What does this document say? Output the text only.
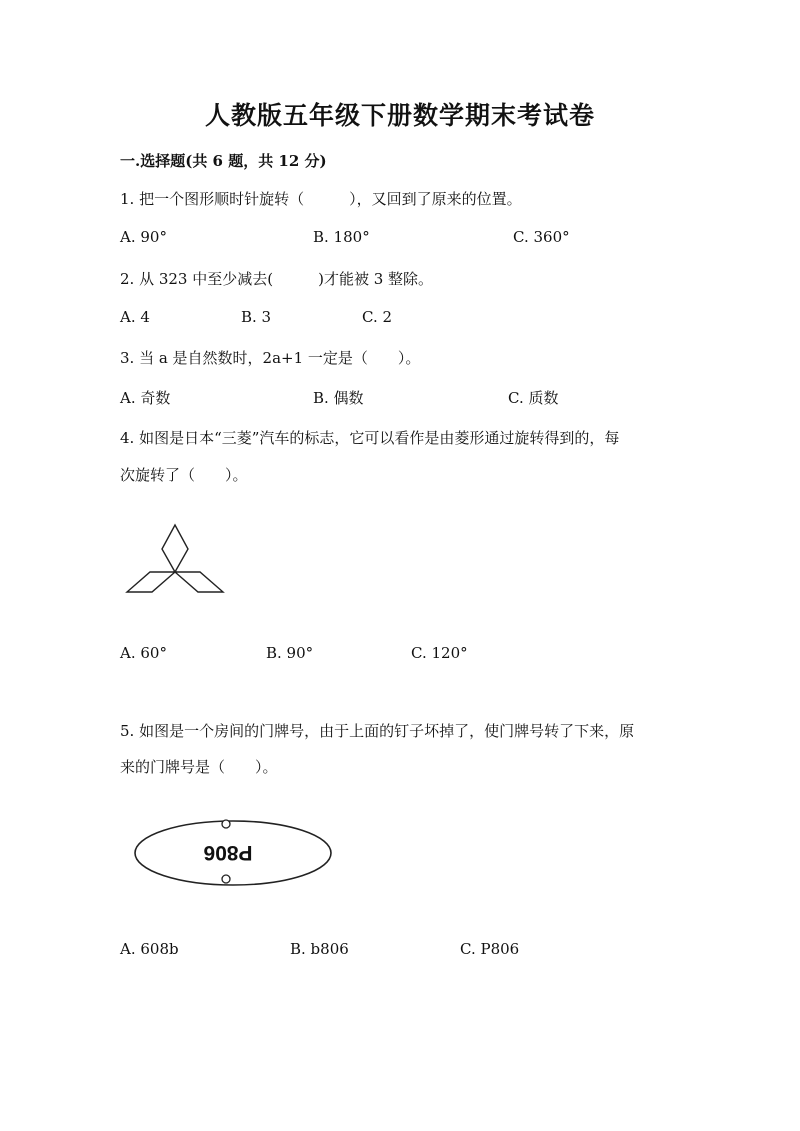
人教版五年级下册数学期末考试卷
一.选择题(共 6 题，共 12 分)
1. 把一个图形顺时针旋转（　　　），又回到了原来的位置。
A. 90°	B. 180°	C. 360°
2. 从 323 中至少减去(　　　)才能被 3 整除。
A. 4	B. 3	C. 2
3. 当 a 是自然数时，2a+1 一定是（　　）。
A. 奇数	B. 偶数	C. 质数
4. 如图是日本“三菱”汽车的标志，它可以看作是由菱形通过旋转得到的，每
次旋转了（　　）。
A. 60°	B. 90°	C. 120°
5. 如图是一个房间的门牌号，由于上面的钉子坏掉了，使门牌号转了下来，原
来的门牌号是（　　）。
P806
A. 608b	B. b806	C. P806
